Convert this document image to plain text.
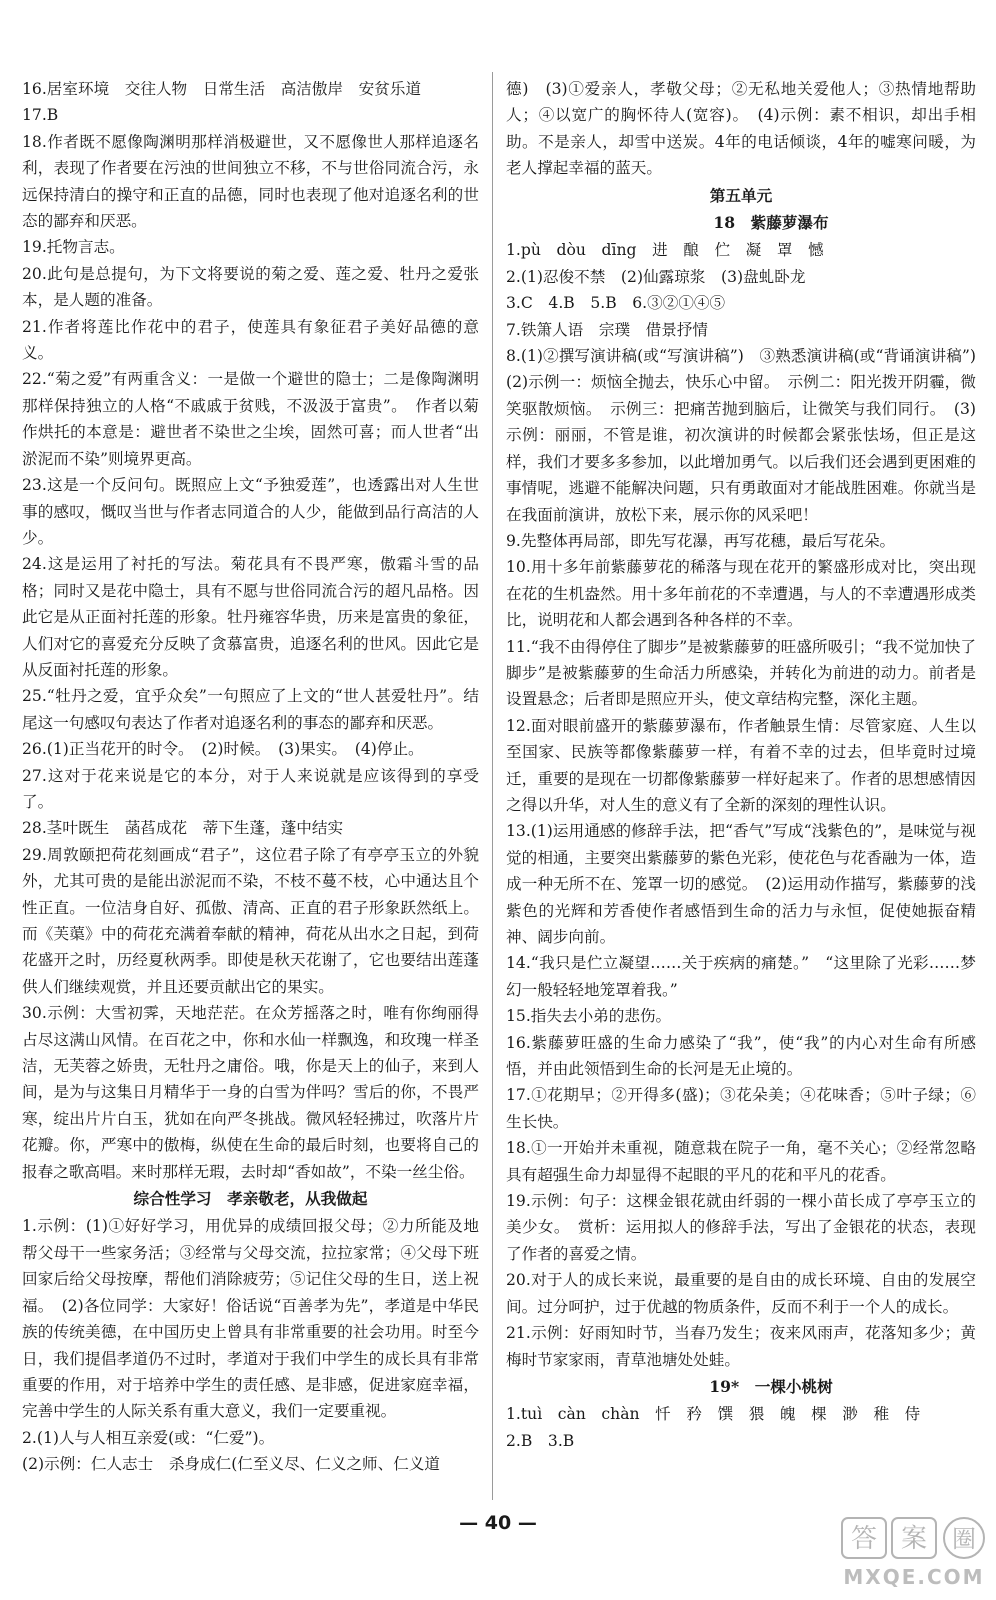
16.居室环境　交往人物　日常生活　高洁傲岸　安贫乐道

17.B

18.作者既不愿像陶渊明那样消极避世，又不愿像世人那样追逐名利，表现了作者要在污浊的世间独立不移，不与世俗同流合污，永远保持清白的操守和正直的品德，同时也表现了他对追逐名利的世态的鄙弃和厌恶。

19.托物言志。

20.此句是总提句，为下文将要说的菊之爱、莲之爱、牡丹之爱张本，是人题的准备。

21.作者将莲比作花中的君子，使莲具有象征君子美好品德的意义。

22.“菊之爱”有两重含义：一是做一个避世的隐士；二是像陶渊明那样保持独立的人格“不戚戚于贫贱，不汲汲于富贵”。　作者以菊作烘托的本意是：避世者不染世之尘埃，固然可喜；而人世者“出淤泥而不染”则境界更高。

23.这是一个反问句。既照应上文“予独爱莲”，也透露出对人生世事的感叹，慨叹当世与作者志同道合的人少，能做到品行高洁的人少。

24.这是运用了衬托的写法。菊花具有不畏严寒，傲霜斗雪的品格；同时又是花中隐士，具有不愿与世俗同流合污的超凡品格。因此它是从正面衬托莲的形象。牡丹雍容华贵，历来是富贵的象征，人们对它的喜爱充分反映了贪慕富贵，追逐名利的世风。因此它是从反面衬托莲的形象。

25.“牡丹之爱，宜乎众矣”一句照应了上文的“世人甚爱牡丹”。结尾这一句感叹句表达了作者对追逐名利的事态的鄙弃和厌恶。

26.(1)正当花开的时令。　(2)时候。　(3)果实。　(4)停止。

27.这对于花来说是它的本分，对于人来说就是应该得到的享受了。

28.茎叶既生　菡萏成花　蒂下生蓬，蓬中结实

29.周敦颐把荷花刻画成“君子”，这位君子除了有亭亭玉立的外貌外，尤其可贵的是能出淤泥而不染，不枝不蔓不枝，心中通达且个性正直。一位洁身自好、孤傲、清高、正直的君子形象跃然纸上。而《芙蕖》中的荷花充满着奉献的精神，荷花从出水之日起，到荷花盛开之时，历经夏秋两季。即使是秋天花谢了，它也要结出莲蓬供人们继续观赏，并且还要贡献出它的果实。

30.示例：大雪初霁，天地茫茫。在众芳摇落之时，唯有你绚丽得占尽这满山风情。在百花之中，你和水仙一样飘逸，和玫瑰一样圣洁，无芙蓉之娇贵，无牡丹之庸俗。哦，你是天上的仙子，来到人间，是为与这集日月精华于一身的白雪为伴吗？雪后的你，不畏严寒，绽出片片白玉，犹如在向严冬挑战。微风轻轻拂过，吹落片片花瓣。你，严寒中的傲梅，纵使在生命的最后时刻，也要将自己的报春之歌高唱。来时那样无瑕，去时却“香如故”，不染一丝尘俗。

综合性学习　孝亲敬老，从我做起

1.示例：(1)①好好学习，用优异的成绩回报父母；②力所能及地帮父母干一些家务活；③经常与父母交流，拉拉家常；④父母下班回家后给父母按摩，帮他们消除疲劳；⑤记住父母的生日，送上祝福。　(2)各位同学：大家好！俗话说“百善孝为先”，孝道是中华民族的传统美德，在中国历史上曾具有非常重要的社会功用。时至今日，我们提倡孝道仍不过时，孝道对于我们中学生的成长具有非常重要的作用，对于培养中学生的责任感、是非感，促进家庭幸福，完善中学生的人际关系有重大意义，我们一定要重视。

2.(1)人与人相互亲爱(或：“仁爱”)。

(2)示例：仁人志士　杀身成仁(仁至义尽、仁义之师、仁义道

德)　(3)①爱亲人，孝敬父母；②无私地关爱他人；③热情地帮助人；④以宽广的胸怀待人(宽容)。　(4)示例：素不相识，却出手相助。不是亲人，却雪中送炭。4年的电话倾谈，4年的嘘寒问暖，为老人撑起幸福的蓝天。

第五单元

18　紫藤萝瀑布

1.pù　dòu　dīng　进　酿　伫　凝　罩　憾

2.(1)忍俊不禁　(2)仙露琼浆　(3)盘虬卧龙

3.C　4.B　5.B　6.③②①④⑤

7.铁箫人语　宗璞　借景抒情

8.(1)②撰写演讲稿(或“写演讲稿”)　③熟悉演讲稿(或“背诵演讲稿”)　(2)示例一：烦恼全抛去，快乐心中留。　示例二：阳光拨开阴霾，微笑驱散烦恼。　示例三：把痛苦抛到脑后，让微笑与我们同行。　(3)示例：丽丽，不管是谁，初次演讲的时候都会紧张怯场，但正是这样，我们才要多多参加，以此增加勇气。以后我们还会遇到更困难的事情呢，逃避不能解决问题，只有勇敢面对才能战胜困难。你就当是在我面前演讲，放松下来，展示你的风采吧！

9.先整体再局部，即先写花瀑，再写花穗，最后写花朵。

10.用十多年前紫藤萝花的稀落与现在花开的繁盛形成对比，突出现在花的生机盎然。用十多年前花的不幸遭遇，与人的不幸遭遇形成类比，说明花和人都会遇到各种各样的不幸。

11.“我不由得停住了脚步”是被紫藤萝的旺盛所吸引；“我不觉加快了脚步”是被紫藤萝的生命活力所感染，并转化为前进的动力。前者是设置悬念；后者即是照应开头，使文章结构完整，深化主题。

12.面对眼前盛开的紫藤萝瀑布，作者触景生情：尽管家庭、人生以至国家、民族等都像紫藤萝一样，有着不幸的过去，但毕竟时过境迁，重要的是现在一切都像紫藤萝一样好起来了。作者的思想感情因之得以升华，对人生的意义有了全新的深刻的理性认识。

13.(1)运用通感的修辞手法，把“香气”写成“浅紫色的”，是味觉与视觉的相通，主要突出紫藤萝的紫色光彩，使花色与花香融为一体，造成一种无所不在、笼罩一切的感觉。　(2)运用动作描写，紫藤萝的浅紫色的光辉和芳香使作者感悟到生命的活力与永恒，促使她振奋精神、阔步向前。

14.“我只是伫立凝望……关于疾病的痛楚。”　“这里除了光彩……梦幻一般轻轻地笼罩着我。”

15.指失去小弟的悲伤。

16.紫藤萝旺盛的生命力感染了“我”，使“我”的内心对生命有所感悟，并由此领悟到生命的长河是无止境的。

17.①花期早；②开得多(盛)；③花朵美；④花味香；⑤叶子绿；⑥生长快。

18.①一开始并未重视，随意栽在院子一角，毫不关心；②经常忽略具有超强生命力却显得不起眼的平凡的花和平凡的花香。

19.示例：句子：这棵金银花就由纤弱的一棵小苗长成了亭亭玉立的美少女。　赏析：运用拟人的修辞手法，写出了金银花的状态，表现了作者的喜爱之情。

20.对于人的成长来说，最重要的是自由的成长环境、自由的发展空间。过分呵护，过于优越的物质条件，反而不利于一个人的成长。

21.示例：好雨知时节，当春乃发生；夜来风雨声，花落知多少；黄梅时节家家雨，青草池塘处处蛙。

19*　一棵小桃树

1.tuì　càn　chàn　忏　矜　馔　猥　魄　棵　渺　稚　侍

2.B　3.B

— 40 —
答 案 圈
MXQE.COM
